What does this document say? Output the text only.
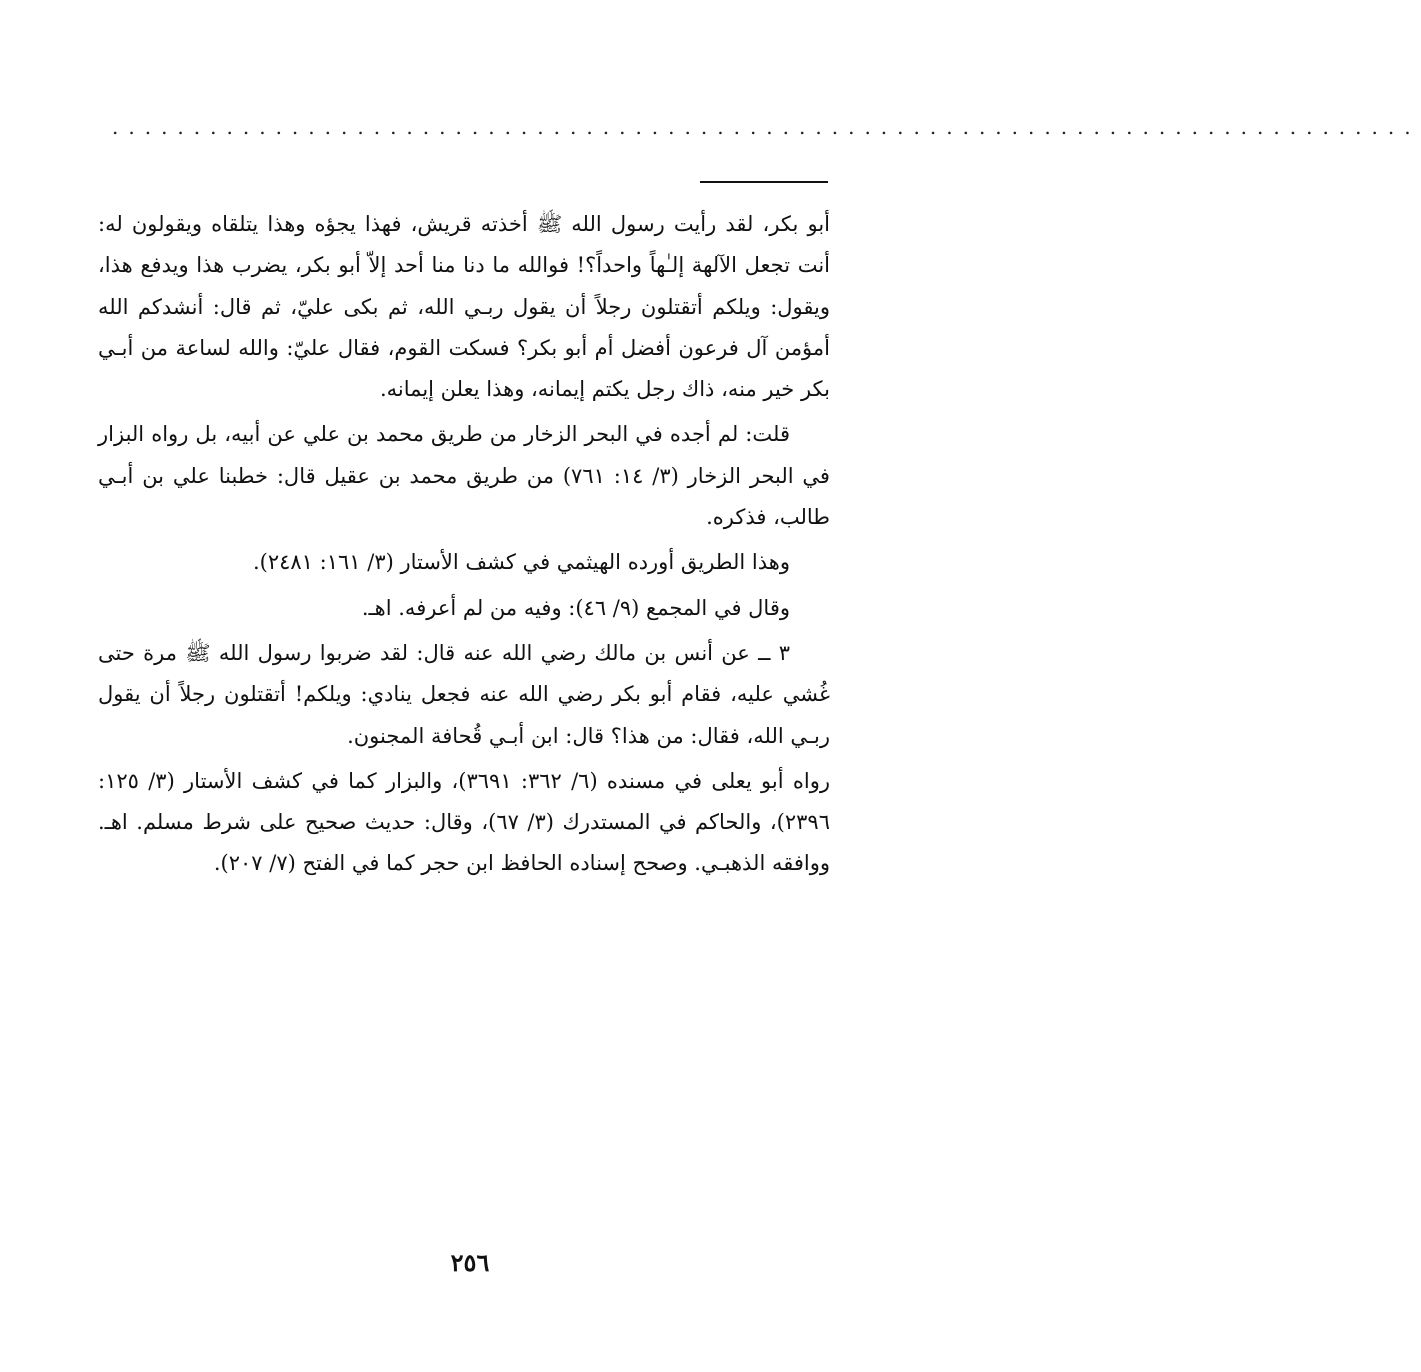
................................................................................

أبو بكر، لقد رأيت رسول الله ﷺ أخذته قريش، فهذا يجؤه وهذا يتلقاه ويقولون له: أنت تجعل الآلهة إلـٰهاً واحداً؟! فوالله ما دنا منا أحد إلاّ أبو بكر، يضرب هذا ويدفع هذا، ويقول: ويلكم أتقتلون رجلاً أن يقول ربـي الله، ثم بكى عليّ، ثم قال: أنشدكم الله أمؤمن آل فرعون أفضل أم أبو بكر؟ فسكت القوم، فقال عليّ: والله لساعة من أبـي بكر خير منه، ذاك رجل يكتم إيمانه، وهذا يعلن إيمانه.

قلت: لم أجده في البحر الزخار من طريق محمد بن علي عن أبيه، بل رواه البزار في البحر الزخار (٣/ ١٤: ٧٦١) من طريق محمد بن عقيل قال: خطبنا علي بن أبـي طالب، فذكره.

وهذا الطريق أورده الهيثمي في كشف الأستار (٣/ ١٦١: ٢٤٨١).

وقال في المجمع (٩/ ٤٦): وفيه من لم أعرفه. اهـ.

٣ ــ عن أنس بن مالك رضي الله عنه قال: لقد ضربوا رسول الله ﷺ مرة حتى غُشي عليه، فقام أبو بكر رضي الله عنه فجعل ينادي: ويلكم! أتقتلون رجلاً أن يقول ربـي الله، فقال: من هذا؟ قال: ابن أبـي قُحافة المجنون.

رواه أبو يعلى في مسنده (٦/ ٣٦٢: ٣٦٩١)، والبزار كما في كشف الأستار (٣/ ١٢٥: ٢٣٩٦)، والحاكم في المستدرك (٣/ ٦٧)، وقال: حديث صحيح على شرط مسلم. اهـ. ووافقه الذهبـي. وصحح إسناده الحافظ ابن حجر كما في الفتح (٧/ ٢٠٧).

٢٥٦
